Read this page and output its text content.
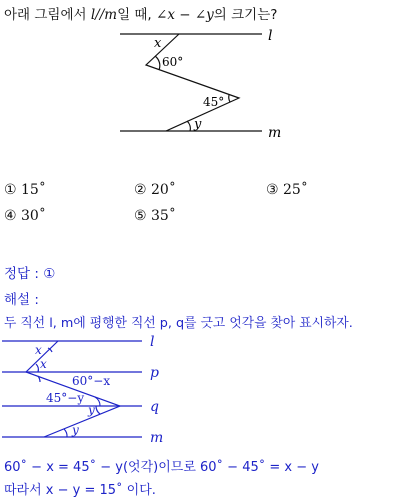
아래 그림에서 l//m일 때, ∠x − ∠y의 크기는?
l
m
x
60°
45°
y
① 15˚	② 20˚	③ 25˚
④ 30˚	⑤ 35˚
정답 : ①
해설 :
두 직선 l, m에 평행한 직선 p, q를 긋고 엇각을 찾아 표시하자.
l
p
q
m
x
x
60°−x
45°−y
y
y
60˚ − x = 45˚ − y(엇각)이므로 60˚ − 45˚ = x − y
따라서 x − y = 15˚ 이다.
